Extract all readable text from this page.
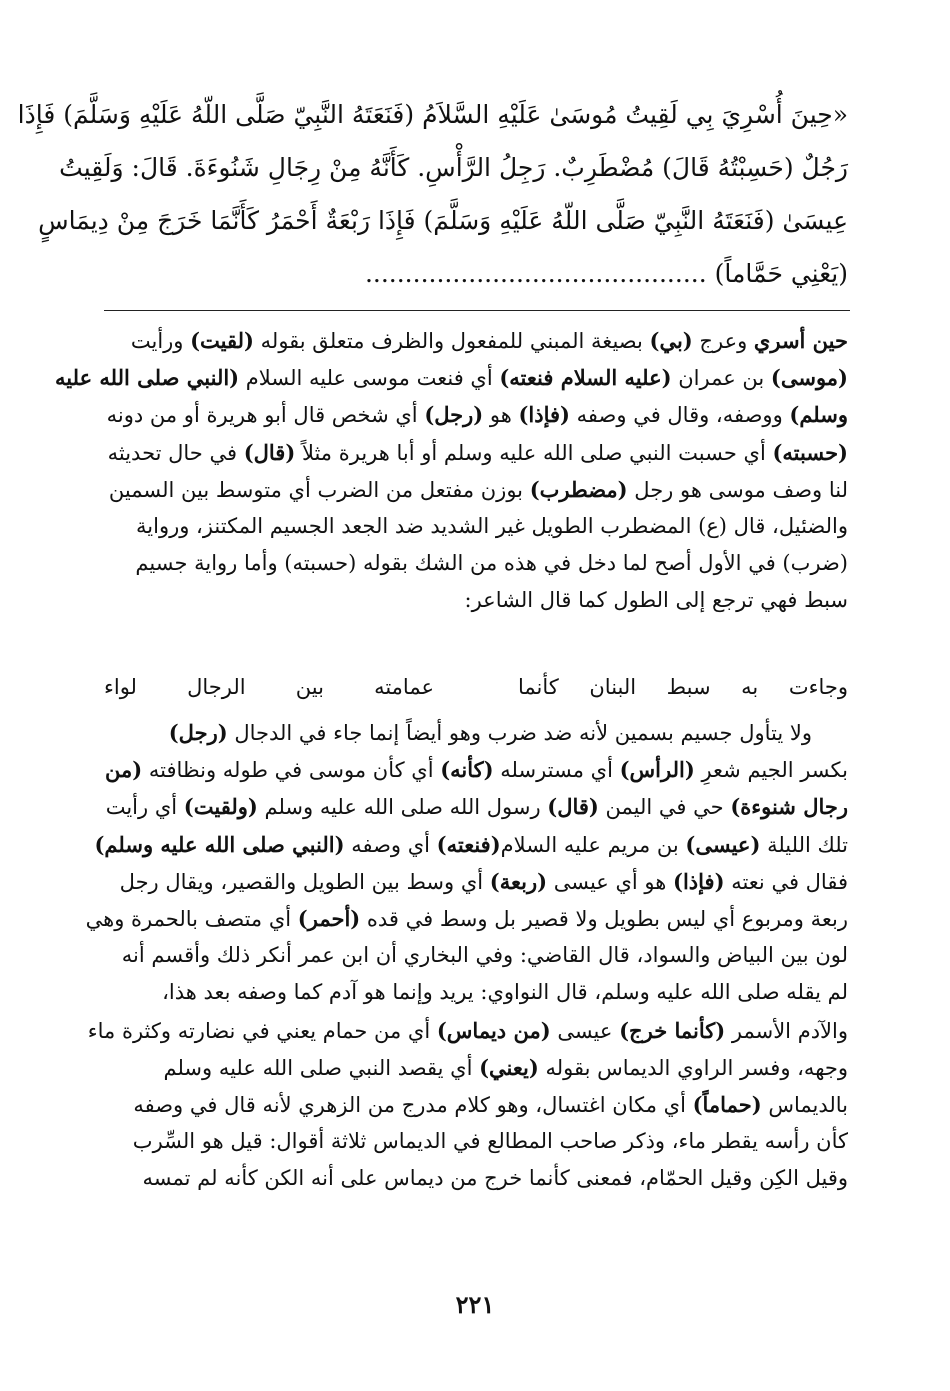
«حِينَ أُسْرِيَ بِي لَقِيتُ مُوسَىٰ عَلَيْهِ السَّلاَمُ (فَنَعَتَهُ النَّبِيّ صَلَّى اللّهُ عَلَيْهِ وَسَلَّمَ) فَإِذَا
رَجُلٌ (حَسِبْتُهُ قَالَ) مُضْطَرِبٌ. رَجِلُ الرَّأْسِ. كَأَنَّهُ مِنْ رِجَالِ شَنُوءَةَ. قَالَ: وَلَقِيتُ
عِيسَىٰ (فَنَعَتَهُ النَّبِيّ صَلَّى اللّهُ عَلَيْهِ وَسَلَّمَ) فَإِذَا رَبْعَةٌ أَحْمَرُ كَأَنَّمَا خَرَجَ مِنْ دِيمَاسٍ
(يَعْنِي حَمَّاماً) ...........................................
حين أسري وعرج (بي) بصيغة المبني للمفعول والظرف متعلق بقوله (لقيت) ورأيت
(موسى) بن عمران (عليه السلام فنعته) أي فنعت موسى عليه السلام (النبي صلى الله عليه
وسلم) ووصفه، وقال في وصفه (فإذا) هو (رجل) أي شخص قال أبو هريرة أو من دونه
(حسبته) أي حسبت النبي صلى الله عليه وسلم أو أبا هريرة مثلاً (قال) في حال تحديثه
لنا وصف موسى هو رجل (مضطرب) بوزن مفتعل من الضرب أي متوسط بين السمين
والضئيل، قال (ع) المضطرب الطويل غير الشديد ضد الجعد الجسيم المكتنز، ورواية
(ضرب) في الأول أصح لما دخل في هذه من الشك بقوله (حسبته) وأما رواية جسيم
سبط فهي ترجع إلى الطول كما قال الشاعر:
وجاءت به سبط البنان كأنما
عمامته بين الرجال لواء
ولا يتأول جسيم بسمين لأنه ضد ضرب وهو أيضاً إنما جاء في الدجال (رجل)
بكسر الجيم شعرِ (الرأس) أي مسترسله (كأنه) أي كأن موسى في طوله ونظافته (من
رجال شنوءة) حي في اليمن (قال) رسول الله صلى الله عليه وسلم (ولقيت) أي رأيت
تلك الليلة (عيسى) بن مريم عليه السلام(فنعته) أي وصفه (النبي صلى الله عليه وسلم)
فقال في نعته (فإذا) هو أي عيسى (ربعة) أي وسط بين الطويل والقصير، ويقال رجل
ربعة ومربوع أي ليس بطويل ولا قصير بل وسط في قده (أحمر) أي متصف بالحمرة وهي
لون بين البياض والسواد، قال القاضي: وفي البخاري أن ابن عمر أنكر ذلك وأقسم أنه
لم يقله صلى الله عليه وسلم، قال النواوي: يريد وإنما هو آدم كما وصفه بعد هذا،
والآدم الأسمر (كأنما خرج) عيسى (من ديماس) أي من حمام يعني في نضارته وكثرة ماء
وجهه، وفسر الراوي الديماس بقوله (يعني) أي يقصد النبي صلى الله عليه وسلم
بالديماس (حماماً) أي مكان اغتسال، وهو كلام مدرج من الزهري لأنه قال في وصفه
كأن رأسه يقطر ماء، وذكر صاحب المطالع في الديماس ثلاثة أقوال: قيل هو السِّرب
وقيل الكِن وقيل الحمّام، فمعنى كأنما خرج من ديماس على أنه الكن كأنه لم تمسه
٢٢١
